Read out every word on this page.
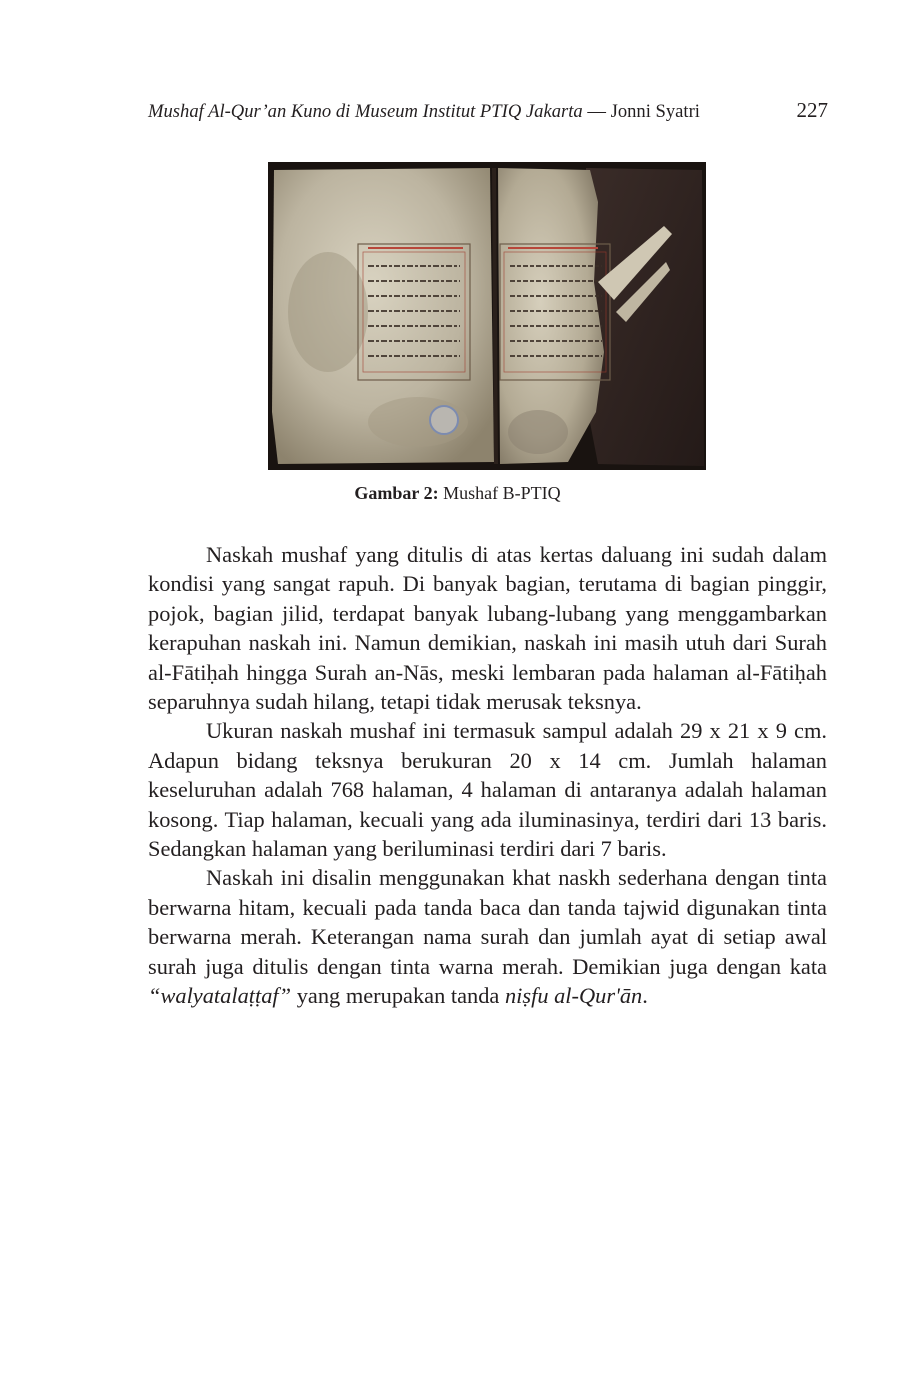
Mushaf Al-Qur’an Kuno di Museum Institut PTIQ Jakarta — Jonni Syatri	227
Gambar 2: Mushaf B-PTIQ

Naskah mushaf yang ditulis di atas kertas daluang ini sudah dalam kondisi yang sangat rapuh. Di banyak bagian, terutama di bagian pinggir, pojok, bagian jilid, terdapat banyak lubang-lubang yang menggambarkan kerapuhan naskah ini. Namun demikian, naskah ini masih utuh dari Surah al-Fātiḥah hingga Surah an-Nās, meski lembaran pada halaman al-Fātiḥah separuhnya sudah hilang, tetapi tidak merusak teksnya.

Ukuran naskah mushaf ini termasuk sampul adalah 29 x 21 x 9 cm. Adapun bidang teksnya berukuran 20 x 14 cm. Jumlah halaman keseluruhan adalah 768 halaman, 4 halaman di antaranya adalah halaman kosong. Tiap halaman, kecuali yang ada iluminasinya, terdiri dari 13 baris. Sedangkan halaman yang beriluminasi terdiri dari 7 baris.

Naskah ini disalin menggunakan khat naskh sederhana dengan tinta berwarna hitam, kecuali pada tanda baca dan tanda tajwid digunakan tinta berwarna merah. Keterangan nama surah dan jumlah ayat di setiap awal surah juga ditulis dengan tinta warna merah. Demikian juga dengan kata “walyatalaṭṭaf” yang merupakan tanda niṣfu al-Qur'ān.
